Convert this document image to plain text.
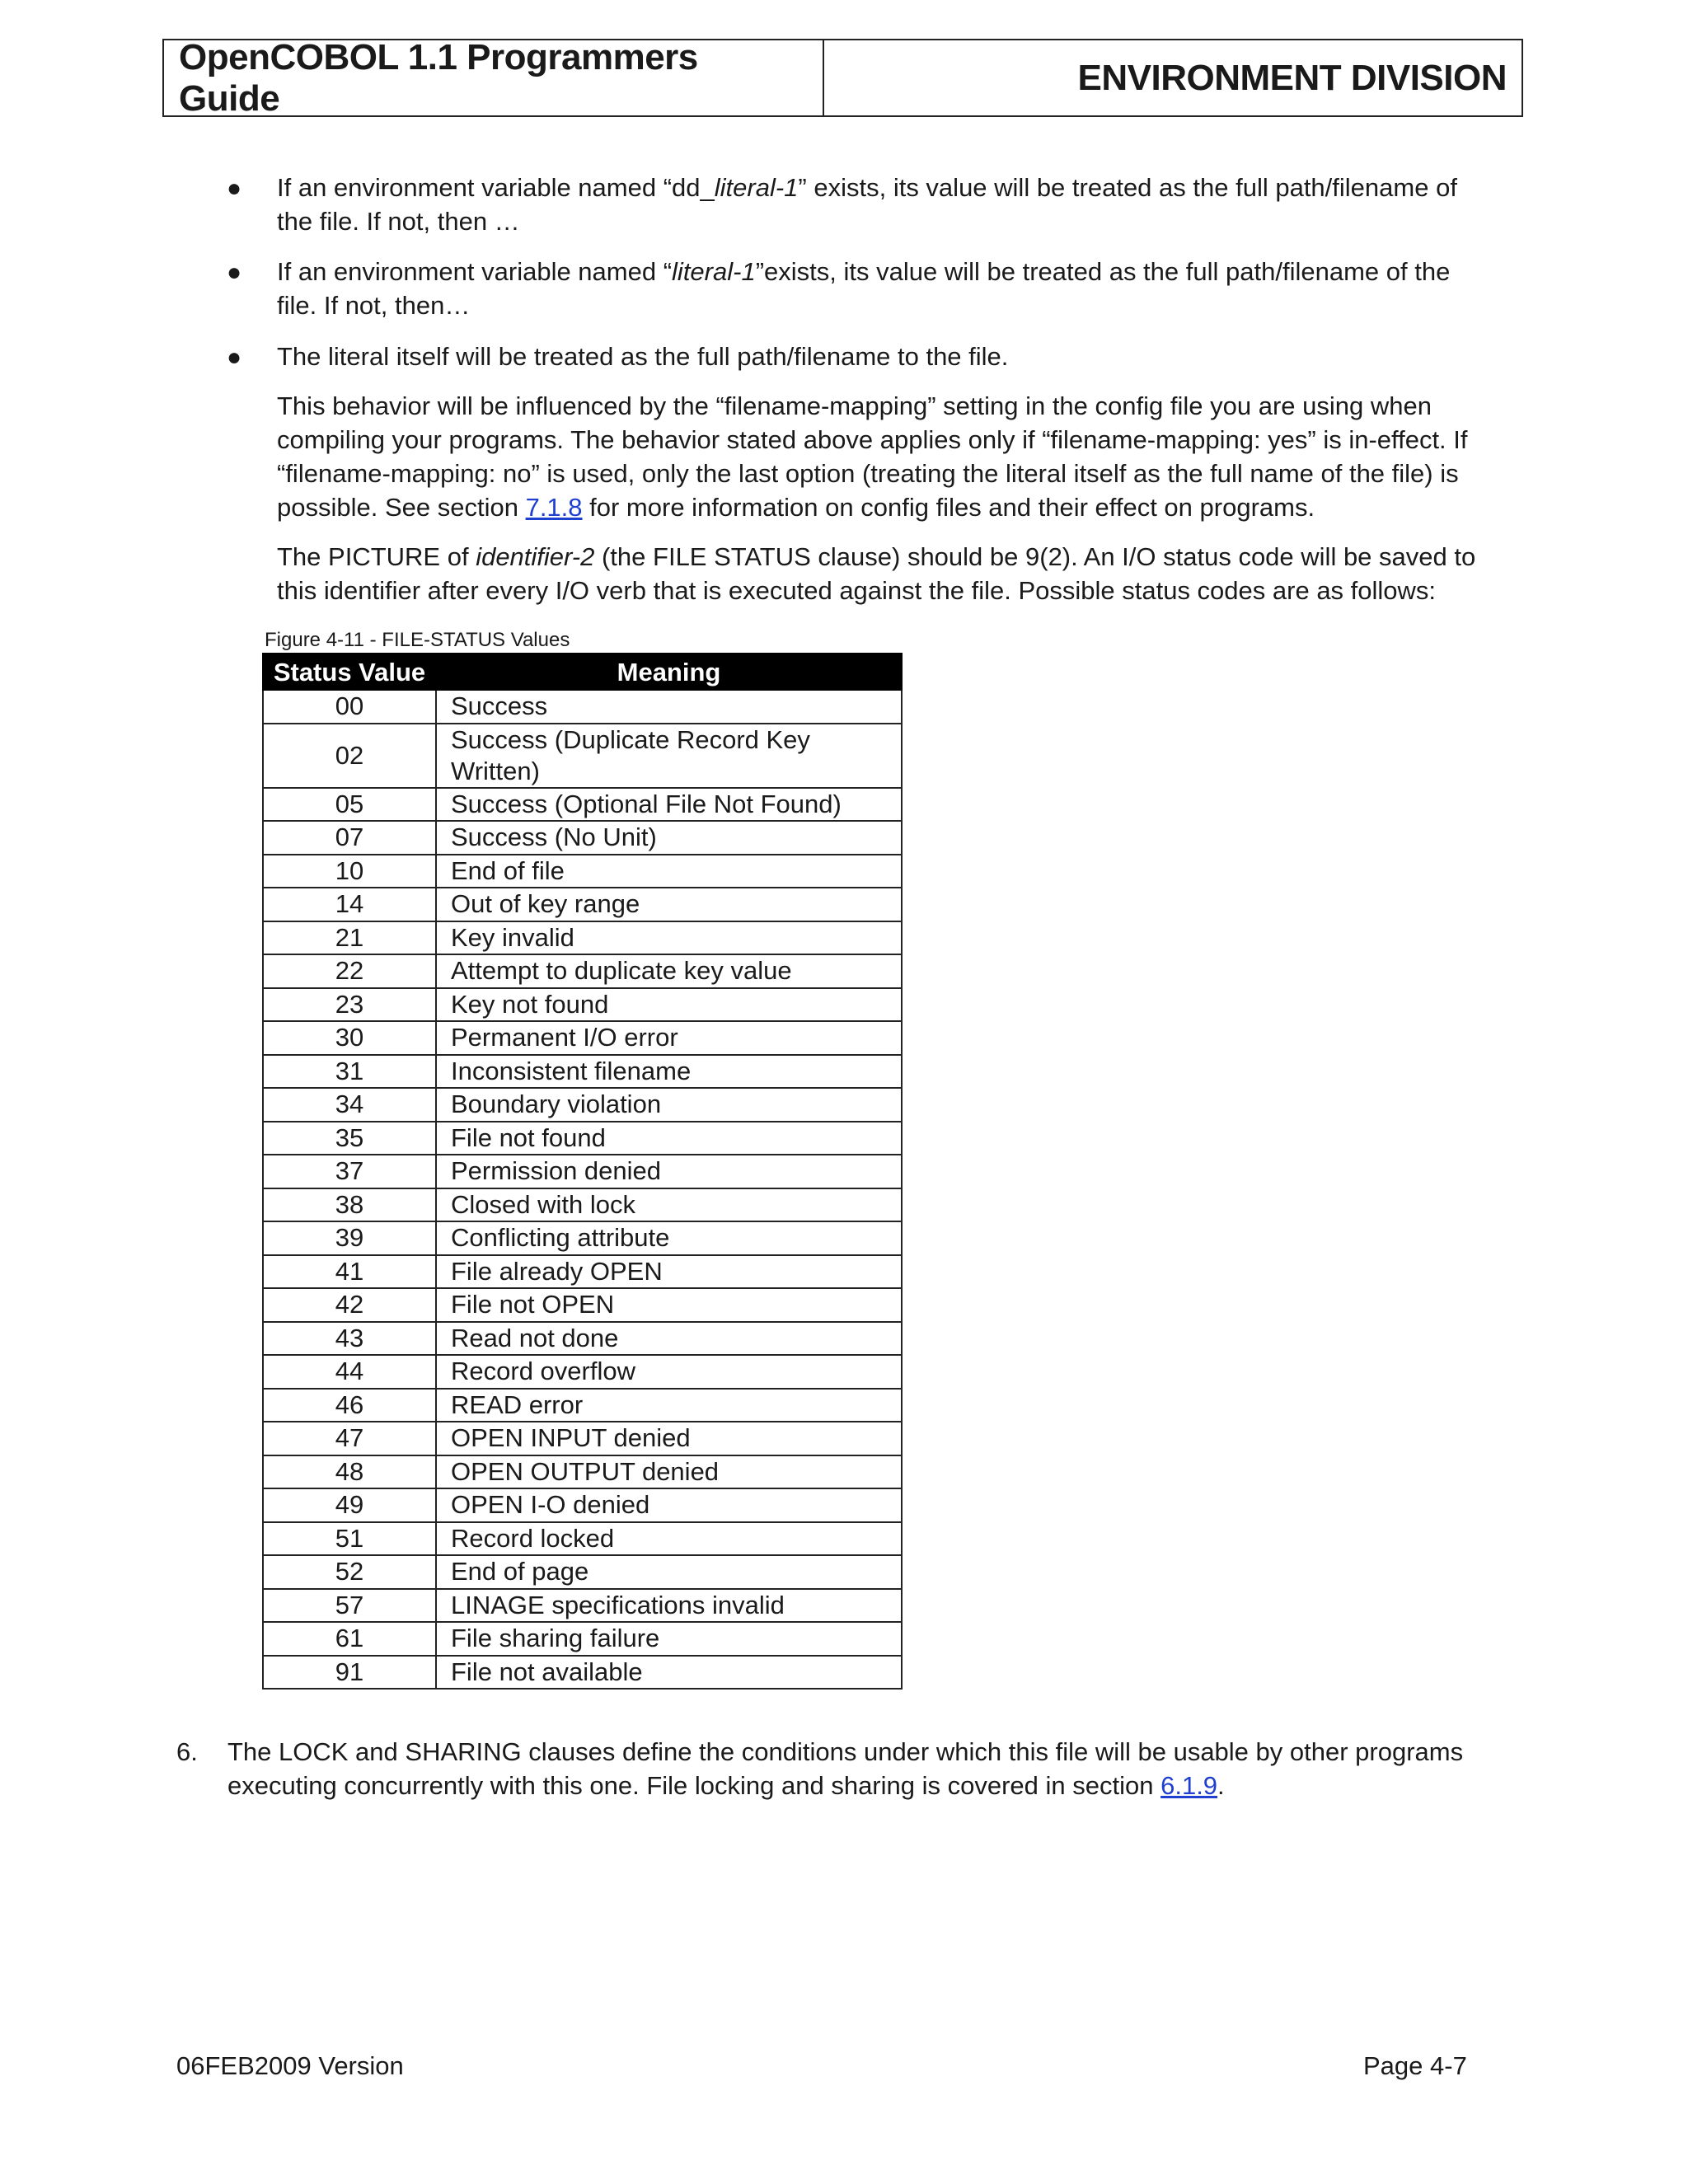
OpenCOBOL 1.1 Programmers Guide
ENVIRONMENT DIVISION
● If an environment variable named “dd_literal-1” exists, its value will be treated as the full path/filename of the file. If not, then …
● If an environment variable named “literal-1”exists, its value will be treated as the full path/filename of the file. If not, then…
● The literal itself will be treated as the full path/filename to the file.
This behavior will be influenced by the “filename-mapping” setting in the config file you are using when compiling your programs. The behavior stated above applies only if “filename-mapping: yes” is in-effect. If “filename-mapping: no” is used, only the last option (treating the literal itself as the full name of the file) is possible. See section 7.1.8 for more information on config files and their effect on programs.
The PICTURE of identifier-2 (the FILE STATUS clause) should be 9(2). An I/O status code will be saved to this identifier after every I/O verb that is executed against the file. Possible status codes are as follows:
Figure 4-11 - FILE-STATUS Values
Status Value	Meaning
00	Success
02	Success (Duplicate Record Key Written)
05	Success (Optional File Not Found)
07	Success (No Unit)
10	End of file
14	Out of key range
21	Key invalid
22	Attempt to duplicate key value
23	Key not found
30	Permanent I/O error
31	Inconsistent filename
34	Boundary violation
35	File not found
37	Permission denied
38	Closed with lock
39	Conflicting attribute
41	File already OPEN
42	File not OPEN
43	Read not done
44	Record overflow
46	READ error
47	OPEN INPUT denied
48	OPEN OUTPUT denied
49	OPEN I-O denied
51	Record locked
52	End of page
57	LINAGE specifications invalid
61	File sharing failure
91	File not available
6. The LOCK and SHARING clauses define the conditions under which this file will be usable by other programs executing concurrently with this one. File locking and sharing is covered in section 6.1.9.
06FEB2009 Version	Page 4-7
